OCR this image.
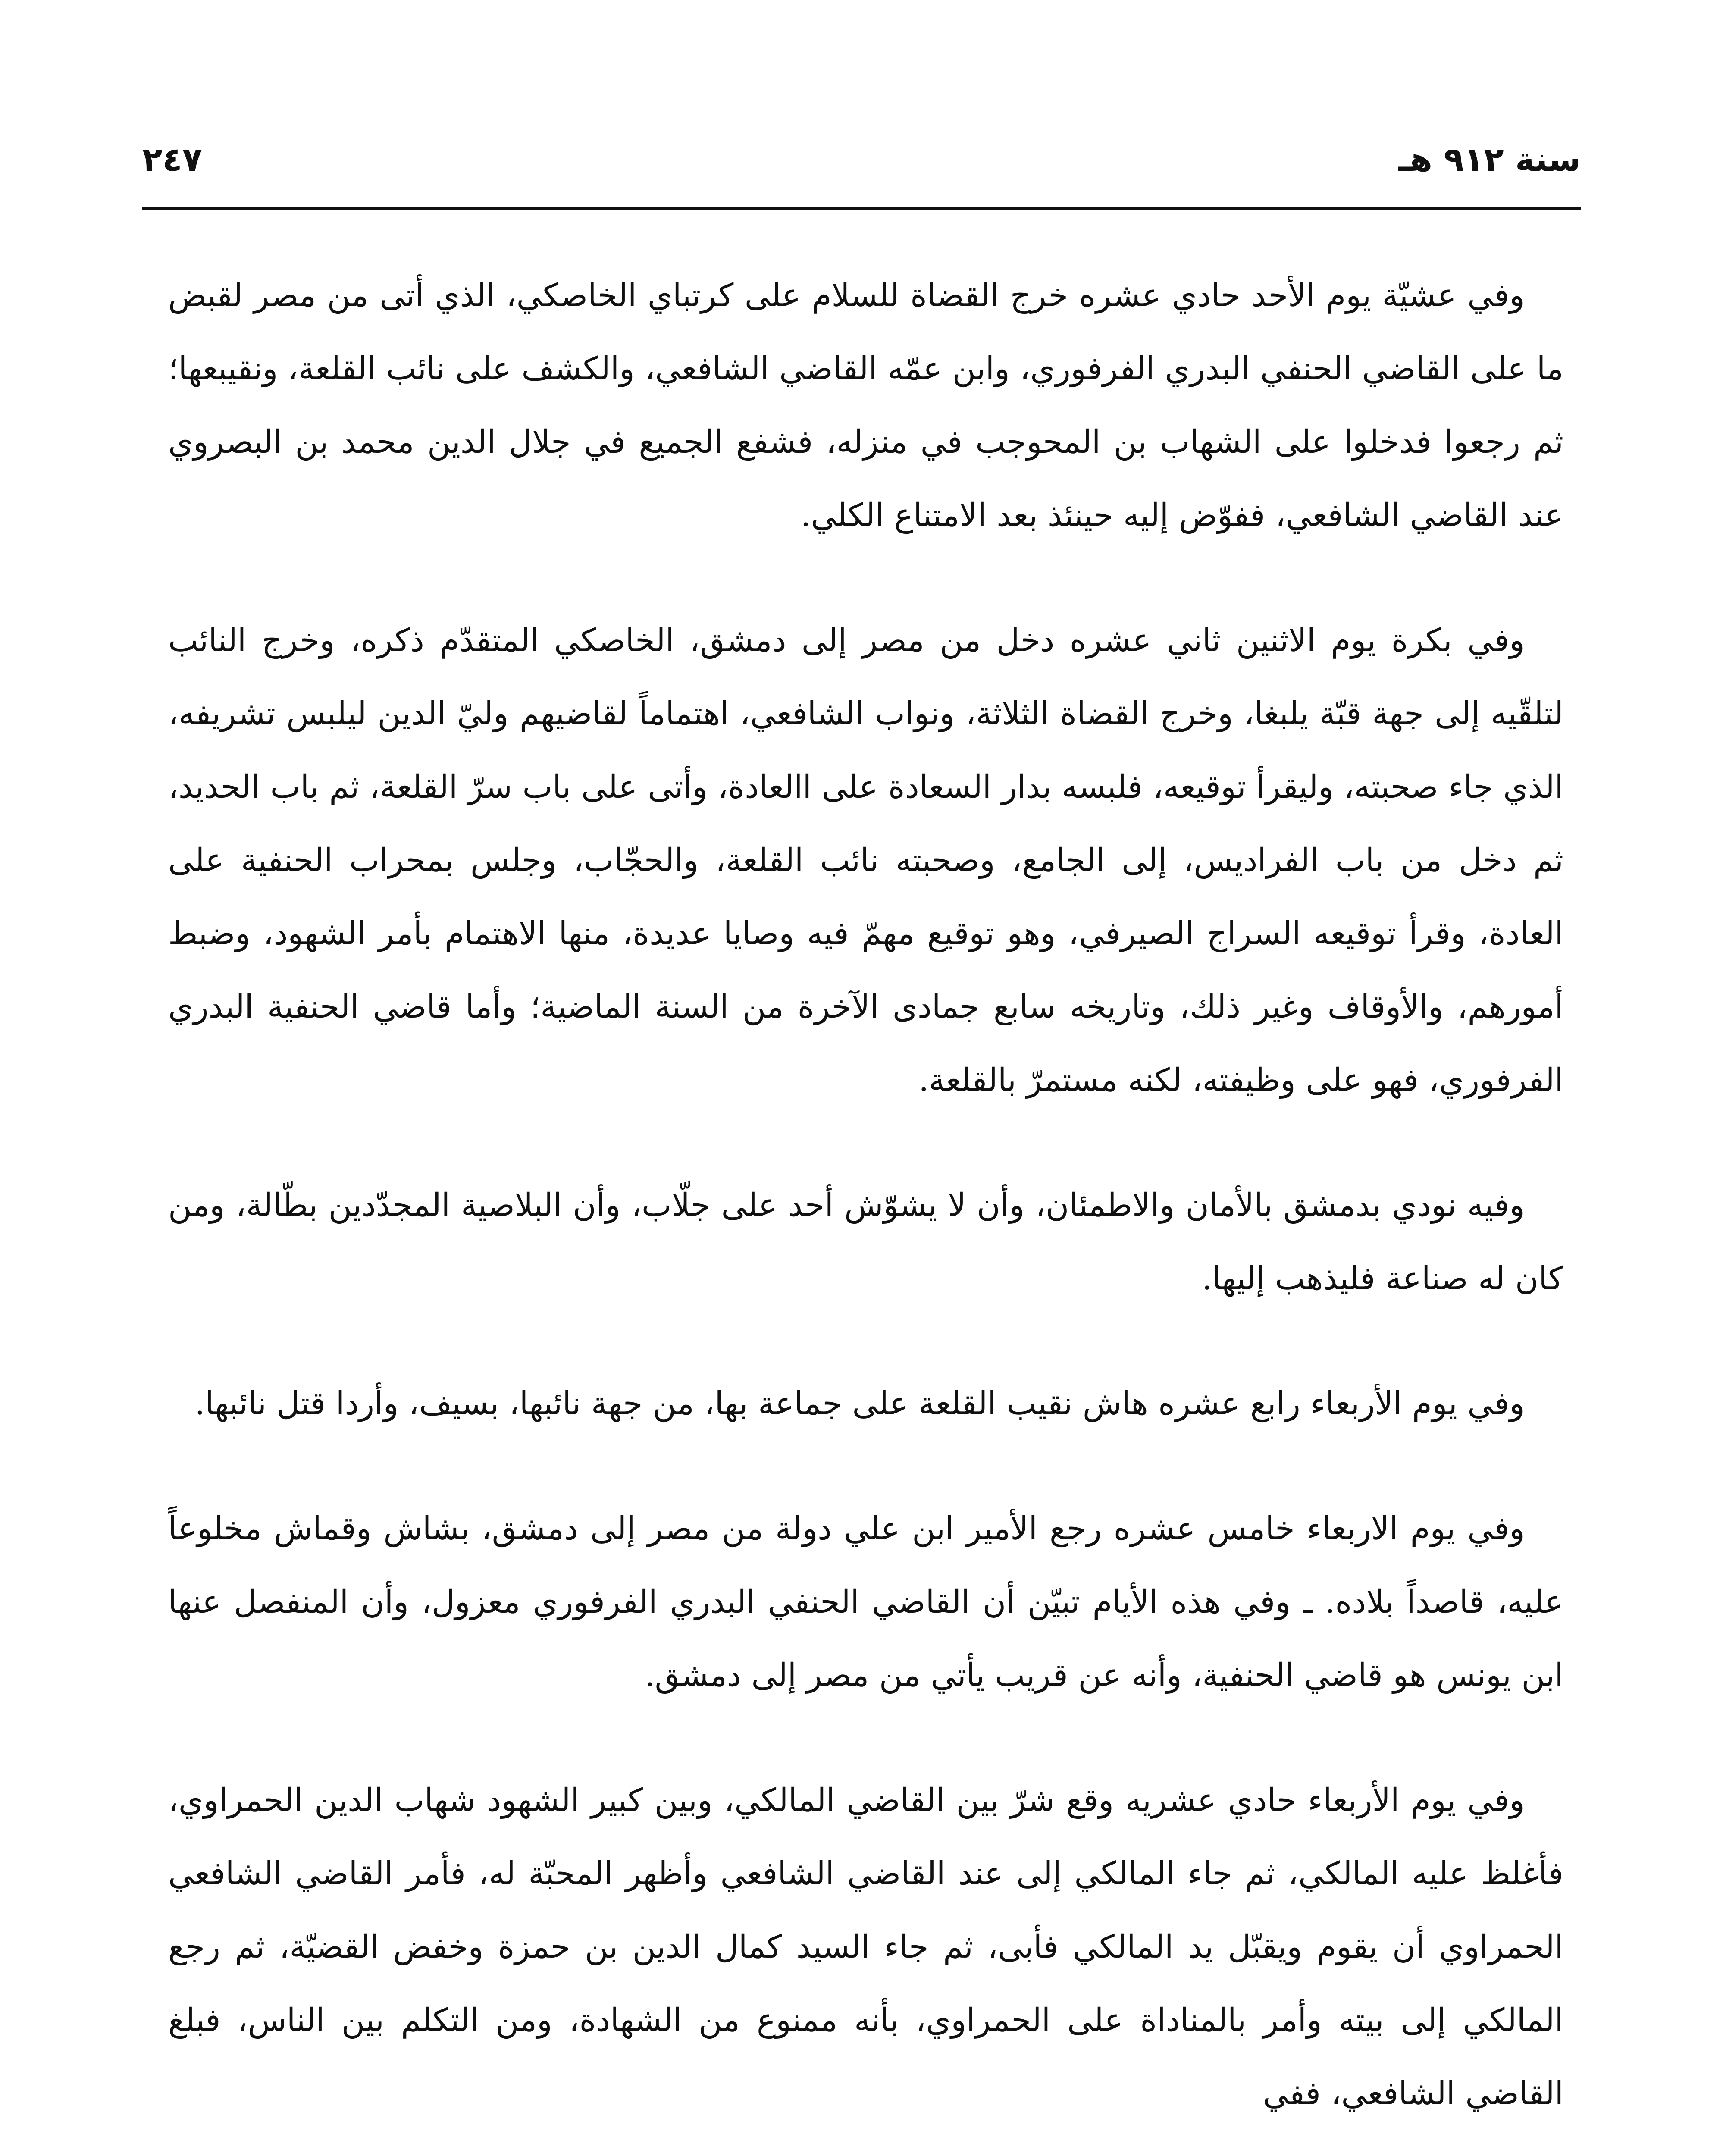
سنة ٩١٢ هـ
٢٤٧

وفي عشيّة يوم الأحد حادي عشره خرج القضاة للسلام على كرتباي الخاصكي، الذي أتى من مصر لقبض ما على القاضي الحنفي البدري الفرفوري، وابن عمّه القاضي الشافعي، والكشف على نائب القلعة، ونقيبعها؛ ثم رجعوا فدخلوا على الشهاب بن المحوجب في منزله، فشفع الجميع في جلال الدين محمد بن البصروي عند القاضي الشافعي، ففوّض إليه حينئذ بعد الامتناع الكلي.

وفي بكرة يوم الاثنين ثاني عشره دخل من مصر إلى دمشق، الخاصكي المتقدّم ذكره، وخرج النائب لتلقّيه إلى جهة قبّة يلبغا، وخرج القضاة الثلاثة، ونواب الشافعي، اهتماماً لقاضيهم وليّ الدين ليلبس تشريفه، الذي جاء صحبته، وليقرأ توقيعه، فلبسه بدار السعادة على االعادة، وأتى على باب سرّ القلعة، ثم باب الحديد، ثم دخل من باب الفراديس، إلى الجامع، وصحبته نائب القلعة، والحجّاب، وجلس بمحراب الحنفية على العادة، وقرأ توقيعه السراج الصيرفي، وهو توقيع مهمّ فيه وصايا عديدة، منها الاهتمام بأمر الشهود، وضبط أمورهم، والأوقاف وغير ذلك، وتاريخه سابع جمادى الآخرة من السنة الماضية؛ وأما قاضي الحنفية البدري الفرفوري، فهو على وظيفته، لكنه مستمرّ بالقلعة.

وفيه نودي بدمشق بالأمان والاطمئان، وأن لا يشوّش أحد على جلّاب، وأن البلاصية المجدّدين بطّالة، ومن كان له صناعة فليذهب إليها.

وفي يوم الأربعاء رابع عشره هاش نقيب القلعة على جماعة بها، من جهة نائبها، بسيف، وأردا قتل نائبها.

وفي يوم الاربعاء خامس عشره رجع الأمير ابن علي دولة من مصر إلى دمشق، بشاش وقماش مخلوعاً عليه، قاصداً بلاده. ـ وفي هذه الأيام تبيّن أن القاضي الحنفي البدري الفرفوري معزول، وأن المنفصل عنها ابن يونس هو قاضي الحنفية، وأنه عن قريب يأتي من مصر إلى دمشق.

وفي يوم الأربعاء حادي عشريه وقع شرّ بين القاضي المالكي، وبين كبير الشهود شهاب الدين الحمراوي، فأغلظ عليه المالكي، ثم جاء المالكي إلى عند القاضي الشافعي وأظهر المحبّة له، فأمر القاضي الشافعي الحمراوي أن يقوم ويقبّل يد المالكي فأبى، ثم جاء السيد كمال الدين بن حمزة وخفض القضيّة، ثم رجع المالكي إلى بيته وأمر بالمناداة على الحمراوي، بأنه ممنوع من الشهادة، ومن التكلم بين الناس، فبلغ القاضي الشافعي، ففي
